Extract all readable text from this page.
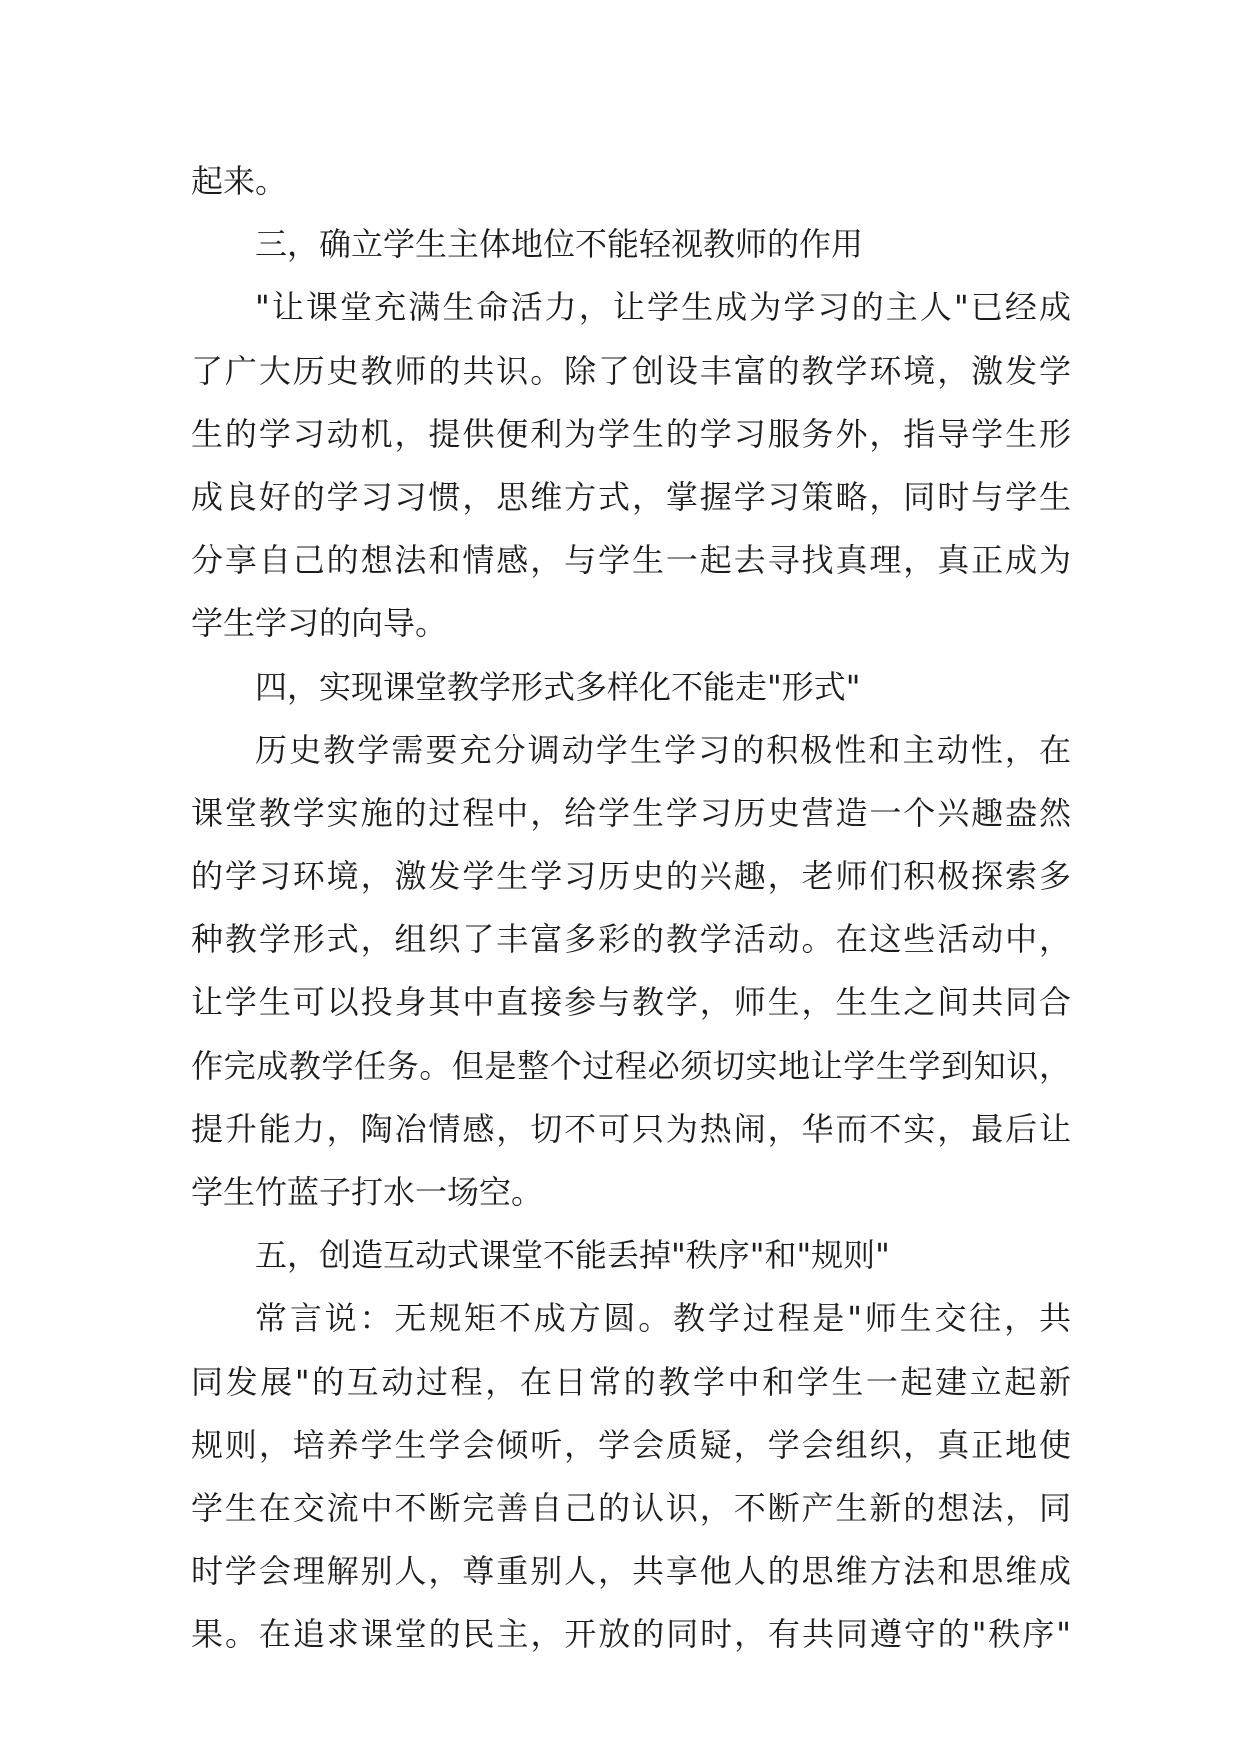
起来。
三，确立学生主体地位不能轻视教师的作用
"让课堂充满生命活力，让学生成为学习的主人"已经成
了广大历史教师的共识。除了创设丰富的教学环境，激发学
生的学习动机，提供便利为学生的学习服务外，指导学生形
成良好的学习习惯，思维方式，掌握学习策略，同时与学生
分享自己的想法和情感，与学生一起去寻找真理，真正成为
学生学习的向导。
四，实现课堂教学形式多样化不能走"形式"
历史教学需要充分调动学生学习的积极性和主动性，在
课堂教学实施的过程中，给学生学习历史营造一个兴趣盎然
的学习环境，激发学生学习历史的兴趣，老师们积极探索多
种教学形式，组织了丰富多彩的教学活动。在这些活动中，
让学生可以投身其中直接参与教学，师生，生生之间共同合
作完成教学任务。但是整个过程必须切实地让学生学到知识，
提升能力，陶冶情感，切不可只为热闹，华而不实，最后让
学生竹蓝子打水一场空。
五，创造互动式课堂不能丢掉"秩序"和"规则"
常言说：无规矩不成方圆。教学过程是"师生交往，共
同发展"的互动过程，在日常的教学中和学生一起建立起新
规则，培养学生学会倾听，学会质疑，学会组织，真正地使
学生在交流中不断完善自己的认识，不断产生新的想法，同
时学会理解别人，尊重别人，共享他人的思维方法和思维成
果。在追求课堂的民主，开放的同时，有共同遵守的"秩序"
